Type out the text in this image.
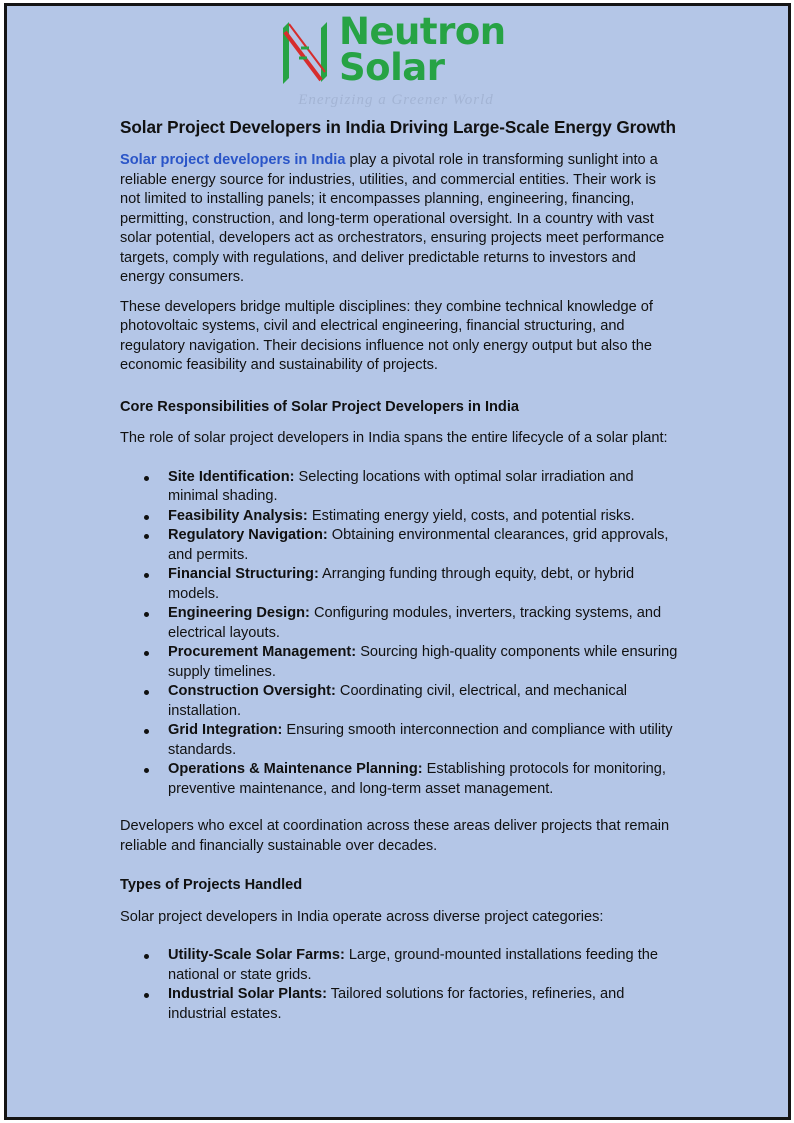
Neutron
Solar
Energizing a Greener World
Solar Project Developers in India Driving Large-Scale Energy Growth

Solar project developers in India play a pivotal role in transforming sunlight into a reliable energy source for industries, utilities, and commercial entities. Their work is not limited to installing panels; it encompasses planning, engineering, financing, permitting, construction, and long-term operational oversight. In a country with vast solar potential, developers act as orchestrators, ensuring projects meet performance targets, comply with regulations, and deliver predictable returns to investors and energy consumers.

These developers bridge multiple disciplines: they combine technical knowledge of photovoltaic systems, civil and electrical engineering, financial structuring, and regulatory navigation. Their decisions influence not only energy output but also the economic feasibility and sustainability of projects.

Core Responsibilities of Solar Project Developers in India

The role of solar project developers in India spans the entire lifecycle of a solar plant:

Site Identification: Selecting locations with optimal solar irradiation and minimal shading.
Feasibility Analysis: Estimating energy yield, costs, and potential risks.
Regulatory Navigation: Obtaining environmental clearances, grid approvals, and permits.
Financial Structuring: Arranging funding through equity, debt, or hybrid models.
Engineering Design: Configuring modules, inverters, tracking systems, and electrical layouts.
Procurement Management: Sourcing high-quality components while ensuring supply timelines.
Construction Oversight: Coordinating civil, electrical, and mechanical installation.
Grid Integration: Ensuring smooth interconnection and compliance with utility standards.
Operations & Maintenance Planning: Establishing protocols for monitoring, preventive maintenance, and long-term asset management.

Developers who excel at coordination across these areas deliver projects that remain reliable and financially sustainable over decades.

Types of Projects Handled

Solar project developers in India operate across diverse project categories:

Utility-Scale Solar Farms: Large, ground-mounted installations feeding the national or state grids.
Industrial Solar Plants: Tailored solutions for factories, refineries, and industrial estates.
